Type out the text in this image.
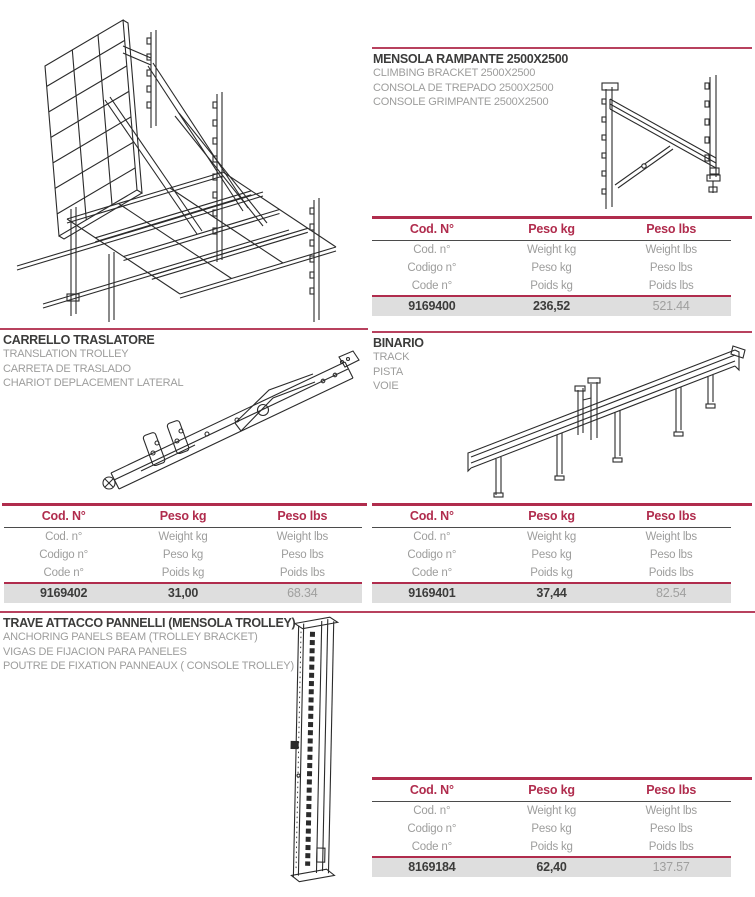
MENSOLA RAMPANTE 2500X2500

CLIMBING BRACKET 2500X2500

CONSOLA DE TREPADO 2500X2500

CONSOLE GRIMPANTE 2500X2500

Cod. N°	Peso kg	Peso lbs
Cod. n°	Weight kg	Weight lbs
Codigo n°	Peso kg	Peso lbs
Code n°	Poids kg	Poids lbs
9169400	236,52	521.44
CARRELLO TRASLATORE

TRANSLATION TROLLEY

CARRETA DE TRASLADO

CHARIOT DEPLACEMENT LATERAL

Cod. N°	Peso kg	Peso lbs
Cod. n°	Weight kg	Weight lbs
Codigo n°	Peso kg	Peso lbs
Code n°	Poids kg	Poids lbs
9169402	31,00	68.34
BINARIO

TRACK

PISTA

VOIE

Cod. N°	Peso kg	Peso lbs
Cod. n°	Weight kg	Weight lbs
Codigo n°	Peso kg	Peso lbs
Code n°	Poids kg	Poids lbs
9169401	37,44	82.54
TRAVE ATTACCO PANNELLI (MENSOLA TROLLEY)

ANCHORING PANELS BEAM (TROLLEY BRACKET)

VIGAS DE FIJACION PARA PANELES

POUTRE DE FIXATION PANNEAUX ( CONSOLE TROLLEY)

Cod. N°	Peso kg	Peso lbs
Cod. n°	Weight kg	Weight lbs
Codigo n°	Peso kg	Peso lbs
Code n°	Poids kg	Poids lbs
8169184	62,40	137.57
